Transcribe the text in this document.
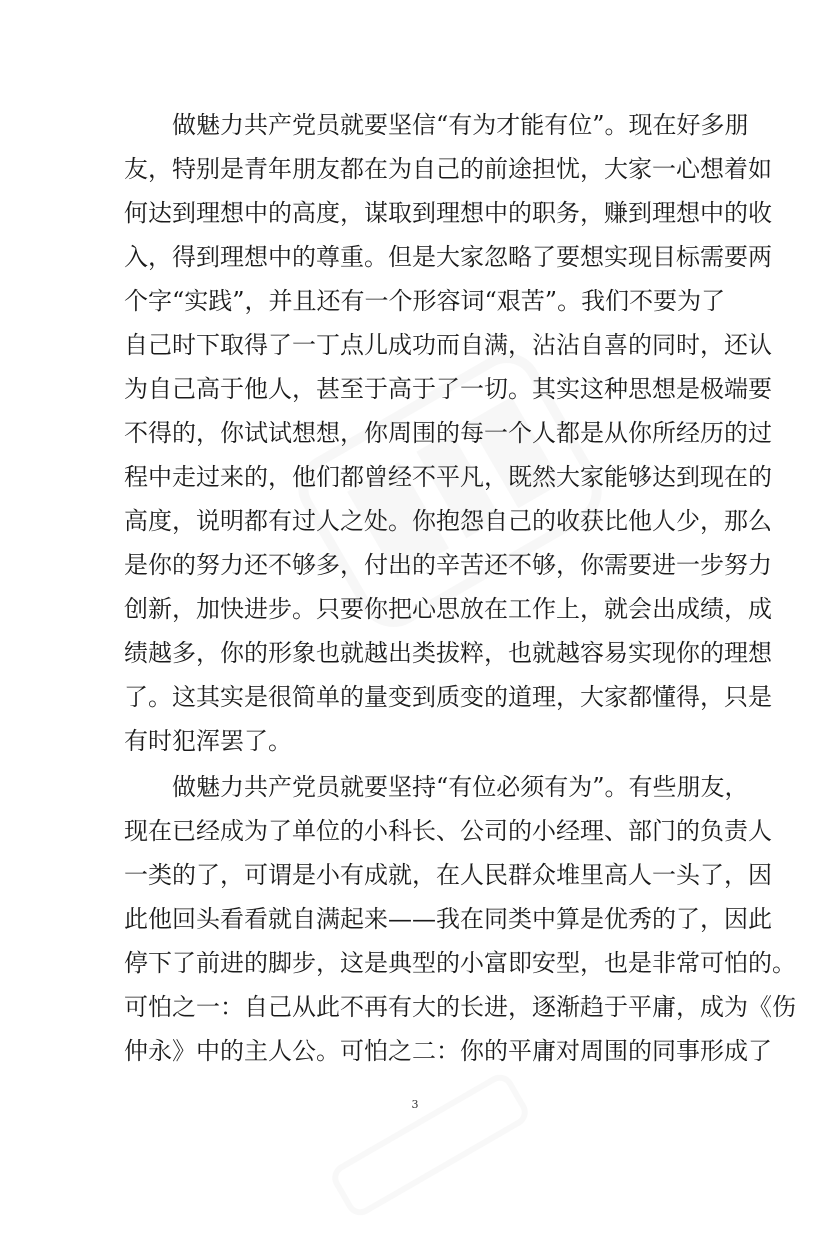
做魅力共产党员就要坚信“有为才能有位”。现在好多朋
友，特别是青年朋友都在为自己的前途担忧，大家一心想着如
何达到理想中的高度，谋取到理想中的职务，赚到理想中的收
入，得到理想中的尊重。但是大家忽略了要想实现目标需要两
个字“实践”，并且还有一个形容词“艰苦”。我们不要为了
自己时下取得了一丁点儿成功而自满，沾沾自喜的同时，还认
为自己高于他人，甚至于高于了一切。其实这种思想是极端要
不得的，你试试想想，你周围的每一个人都是从你所经历的过
程中走过来的，他们都曾经不平凡，既然大家能够达到现在的
高度，说明都有过人之处。你抱怨自己的收获比他人少，那么
是你的努力还不够多，付出的辛苦还不够，你需要进一步努力
创新，加快进步。只要你把心思放在工作上，就会出成绩，成
绩越多，你的形象也就越出类拔粹，也就越容易实现你的理想
了。这其实是很简单的量变到质变的道理，大家都懂得，只是
有时犯浑罢了。
做魅力共产党员就要坚持“有位必须有为”。有些朋友，
现在已经成为了单位的小科长、公司的小经理、部门的负责人
一类的了，可谓是小有成就，在人民群众堆里高人一头了，因
此他回头看看就自满起来——我在同类中算是优秀的了，因此
停下了前进的脚步，这是典型的小富即安型，也是非常可怕的。
可怕之一：自己从此不再有大的长进，逐渐趋于平庸，成为《伤
仲永》中的主人公。可怕之二：你的平庸对周围的同事形成了
3
